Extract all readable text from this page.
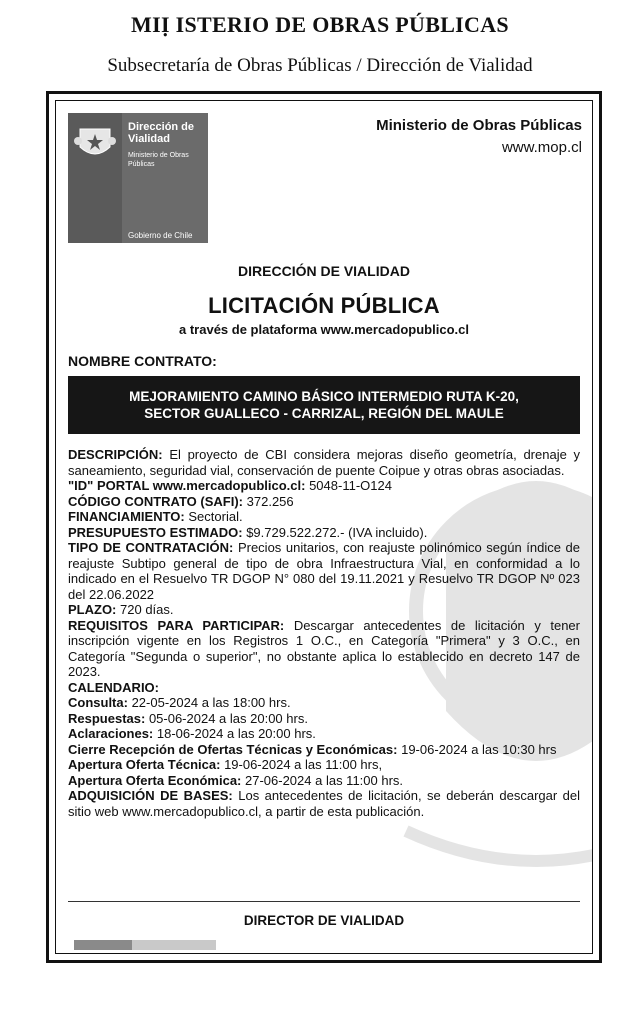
MIỊ ISTERIO DE OBRAS PÚBLICAS
Subsecretaría de Obras Públicas / Dirección de Vialidad
Dirección de Vialidad
Ministerio de Obras Públicas
Gobierno de Chile
Ministerio de Obras Públicas
www.mop.cl
DIRECCIÓN DE VIALIDAD
LICITACIÓN PÚBLICA
a través de plataforma www.mercadopublico.cl
NOMBRE CONTRATO:
MEJORAMIENTO CAMINO BÁSICO INTERMEDIO RUTA K-20,
SECTOR GUALLECO - CARRIZAL, REGIÓN DEL MAULE

DESCRIPCIÓN: El proyecto de CBI considera mejoras diseño geometría, drenaje y saneamiento, seguridad vial, conservación de puente Coipue y otras obras asociadas.

"ID" PORTAL www.mercadopublico.cl: 5048-11-O124

CÓDIGO CONTRATO (SAFI): 372.256

FINANCIAMIENTO: Sectorial.

PRESUPUESTO ESTIMADO: $9.729.522.272.- (IVA incluido).

TIPO DE CONTRATACIÓN: Precios unitarios, con reajuste polinómico según índice de reajuste Subtipo general de tipo de obra Infraestructura Vial, en conformidad a lo indicado en el Resuelvo TR DGOP N° 080 del 19.11.2021 y Resuelvo TR DGOP Nº 023 del 22.06.2022

PLAZO: 720 días.

REQUISITOS PARA PARTICIPAR: Descargar antecedentes de licitación y tener inscripción vigente en los Registros 1 O.C., en Categoría "Primera" y 3 O.C., en Categoría "Segunda o superior", no obstante aplica lo establecido en decreto 147 de 2023.

CALENDARIO:

Consulta: 22-05-2024 a las 18:00 hrs.

Respuestas: 05-06-2024 a las 20:00 hrs.

Aclaraciones: 18-06-2024 a las 20:00 hrs.

Cierre Recepción de Ofertas Técnicas y Económicas: 19-06-2024 a las 10:30 hrs

Apertura Oferta Técnica: 19-06-2024 a las 11:00 hrs,

Apertura Oferta Económica: 27-06-2024 a las 11:00 hrs.

ADQUISICIÓN DE BASES: Los antecedentes de licitación, se deberán descargar del sitio web www.mercadopublico.cl, a partir de esta publicación.

DIRECTOR DE VIALIDAD
